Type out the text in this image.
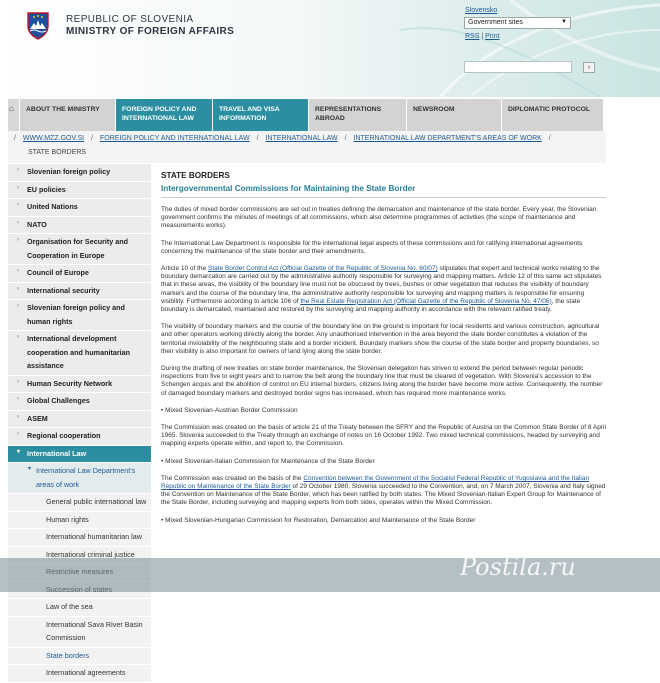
REPUBLIC OF SLOVENIA
MINISTRY OF FOREIGN AFFAIRS
Slovensko
Government sites	▼
RSS | Print
›
⌂	ABOUT THE MINISTRY	FOREIGN POLICY AND INTERNATIONAL LAW
TRAVEL AND VISA INFORMATION
REPRESENTATIONS ABROAD
NEWSROOM	DIPLOMATIC PROTOCOL
/ WWW.MZZ.GOV.SI / FOREIGN POLICY AND INTERNATIONAL LAW / INTERNATIONAL LAW / INTERNATIONAL LAW DEPARTMENT'S AREAS OF WORK /
STATE BORDERS
› Slovenian foreign policy
› EU policies
› United Nations
› NATO
› Organisation for Security and Cooperation in Europe
› Council of Europe
› International security
› Slovenian foreign policy and human rights
› International development cooperation and humanitarian assistance
› Human Security Network
› Global Challenges
› ASEM
› Regional cooperation
▾ International Law
▾ International Law Department's areas of work
General public international law
Human rights
International humanitarian law
International criminal justice
Law of the sea
International Sava River Basin Commission
State borders
International agreements
STATE BORDERS
Intergovernmental Commissions for Maintaining the State Border

The duties of mixed border commissions are set out in treaties defining the demarcation and maintenance of the state border. Every year, the Slovenian government confirms the minutes of meetings of all commissions, which also determine programmes of activities (the scope of maintenance and measurements works).

The International Law Department is responsible for the international legal aspects of these commissions and for ratifying international agreements concerning the maintenance of the state border and their amendments.

Article 10 of the State Border Control Act (Official Gazette of the Republic of Slovenia No. 60/07) stipulates that expert and technical works relating to the boundary demarcation are carried out by the administrative authority responsible for surveying and mapping matters. Article 12 of this same act stipulates that in these areas, the visibility of the boundary line must not be obscured by trees, bushes or other vegetation that reduces the visibility of boundary markers and the course of the boundary line, the administrative authority responsible for surveying and mapping matters is responsible for ensuring visibility. Furthermore according to article 106 of the Real Estate Registration Act (Official Gazette of the Republic of Slovenia No. 47/06), the state boundary is demarcated, maintained and restored by the surveying and mapping authority in accordance with the relevant ratified treaty.

The visibility of boundary markers and the course of the boundary line on the ground is important for local residents and various construction, agricultural and other operators working directly along the border. Any unauthorised intervention in the area beyond the state border constitutes a violation of the territorial inviolability of the neighbouring state and a border incident. Boundary markers show the course of the state border and property boundaries, so their visibility is also important for owners of land lying along the state border.

During the drafting of new treaties on state border maintenance, the Slovenian delegation has striven to extend the period between regular periodic inspections from five to eight years and to narrow the belt along the boundary line that must be cleared of vegetation. With Slovenia's accession to the Schengen acquis and the abolition of control on EU internal borders, citizens living along the border have become more active. Consequently, the number of damaged boundary markers and destroyed border signs has increased, which has required more maintenance works.

• Mixed Slovenian-Austrian Border Commission

The Commission was created on the basis of article 21 of the Treaty between the SFRY and the Republic of Austria on the Common State Border of 8 April 1965. Slovenia succeeded to the Treaty through an exchange of notes on 16 October 1992. Two mixed technical commissions, headed by surveying and mapping experts operate within, and report to, the Commission.

• Mixed Slovenian-Italian Commission for Maintenance of the State Border

The Commission was created on the basis of the Convention between the Government of the Socialist Federal Republic of Yugoslavia and the Italian Republic on Maintenance of the State Border of 29 October 1980. Slovenia succeeded to the Convention, and, on 7 March 2007, Slovenia and Italy signed the Convention on Maintenance of the State Border, which has been ratified by both states. The Mixed Slovenian-Italian Expert Group for Maintenance of the State Border, including surveying and mapping experts from both sides, operates within the Mixed Commission.

• Mixed Slovenian-Hungarian Commission for Restoration, Demarcation and Maintenance of the State Border

Postila.ru
